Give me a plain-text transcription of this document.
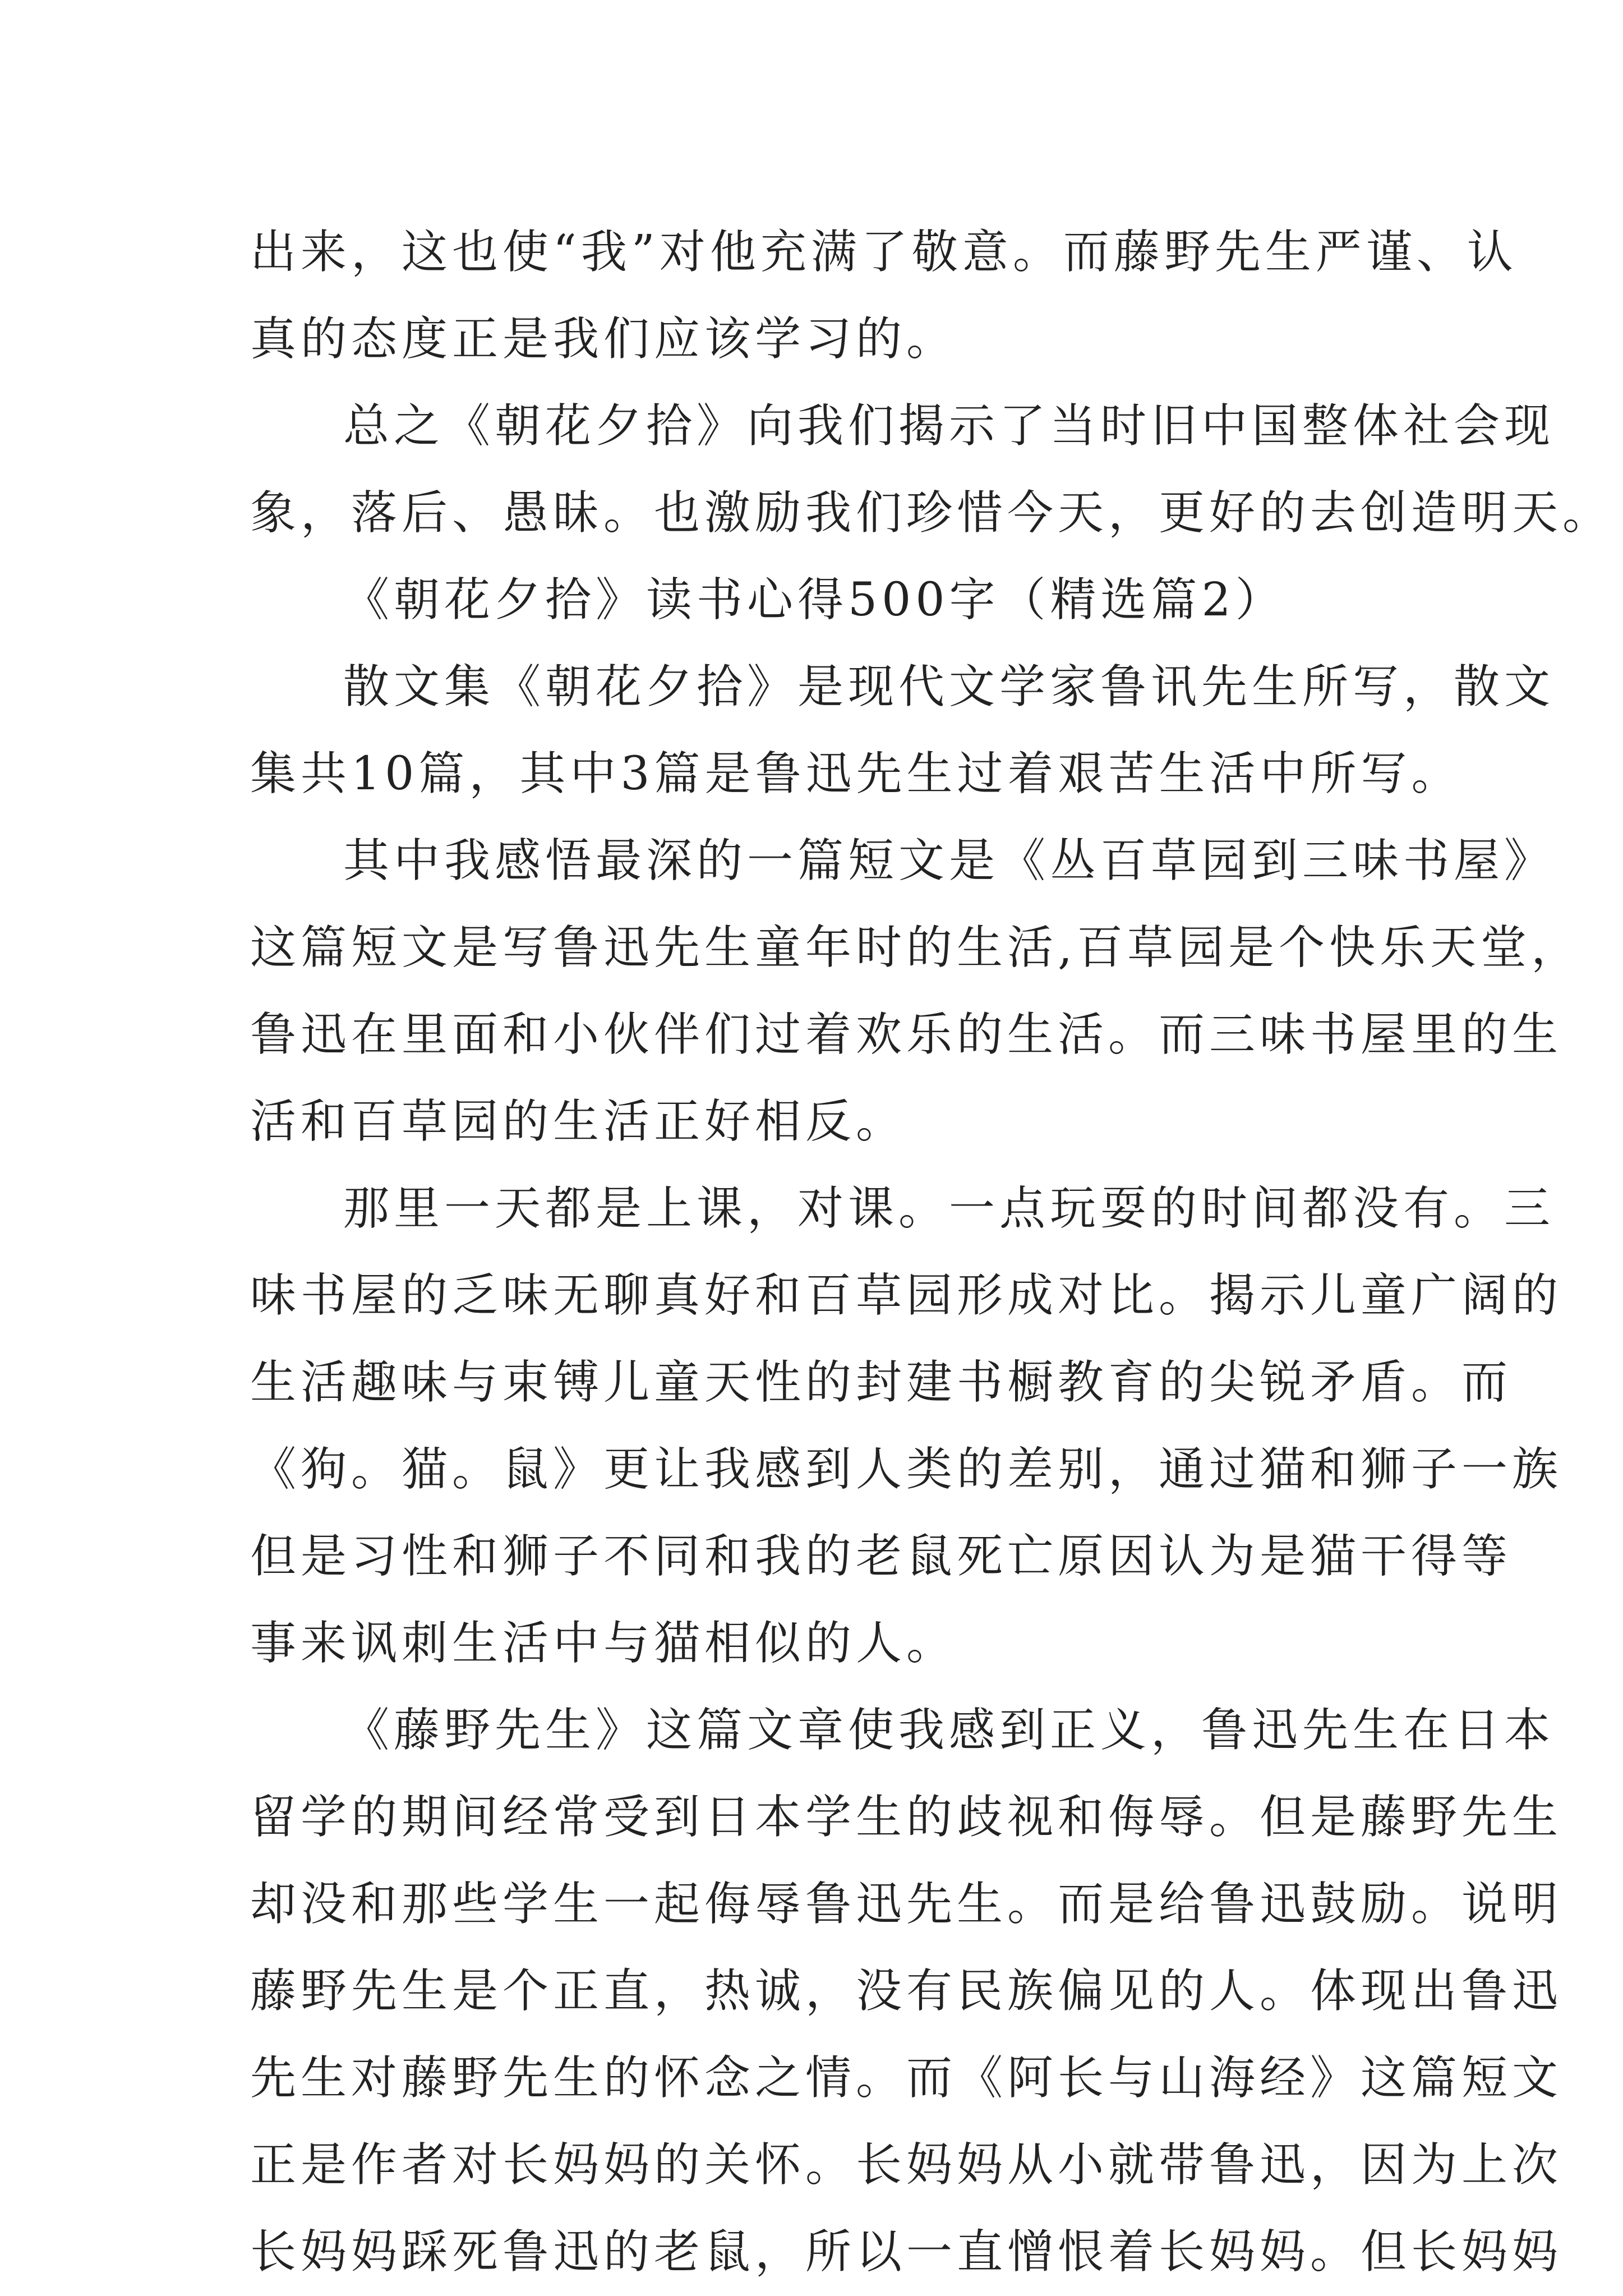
出来，这也使“我”对他充满了敬意。而藤野先生严谨、认
真的态度正是我们应该学习的。
总之《朝花夕拾》向我们揭示了当时旧中国整体社会现
象，落后、愚昧。也激励我们珍惜今天，更好的去创造明天。
《朝花夕拾》读书心得500字（精选篇2）
散文集《朝花夕拾》是现代文学家鲁讯先生所写，散文
集共10篇，其中3篇是鲁迅先生过着艰苦生活中所写。
其中我感悟最深的一篇短文是《丛百草园到三味书屋》
这篇短文是写鲁迅先生童年时的生活,百草园是个快乐天堂，
鲁迅在里面和小伙伴们过着欢乐的生活。而三味书屋里的生
活和百草园的生活正好相反。
那里一天都是上课，对课。一点玩耍的时间都没有。三
味书屋的乏味无聊真好和百草园形成对比。揭示儿童广阔的
生活趣味与束镈儿童天性的封建书橱教育的尖锐矛盾。而
《狗。猫。鼠》更让我感到人类的差别，通过猫和狮子一族
但是习性和狮子不同和我的老鼠死亡原因认为是猫干得等
事来讽刺生活中与猫相似的人。
《藤野先生》这篇文章使我感到正义，鲁迅先生在日本
留学的期间经常受到日本学生的歧视和侮辱。但是藤野先生
却没和那些学生一起侮辱鲁迅先生。而是给鲁迅鼓励。说明
藤野先生是个正直，热诚，没有民族偏见的人。体现出鲁迅
先生对藤野先生的怀念之情。而《阿长与山海经》这篇短文
正是作者对长妈妈的关怀。长妈妈从小就带鲁迅，因为上次
长妈妈踩死鲁迅的老鼠，所以一直憎恨着长妈妈。但长妈妈
